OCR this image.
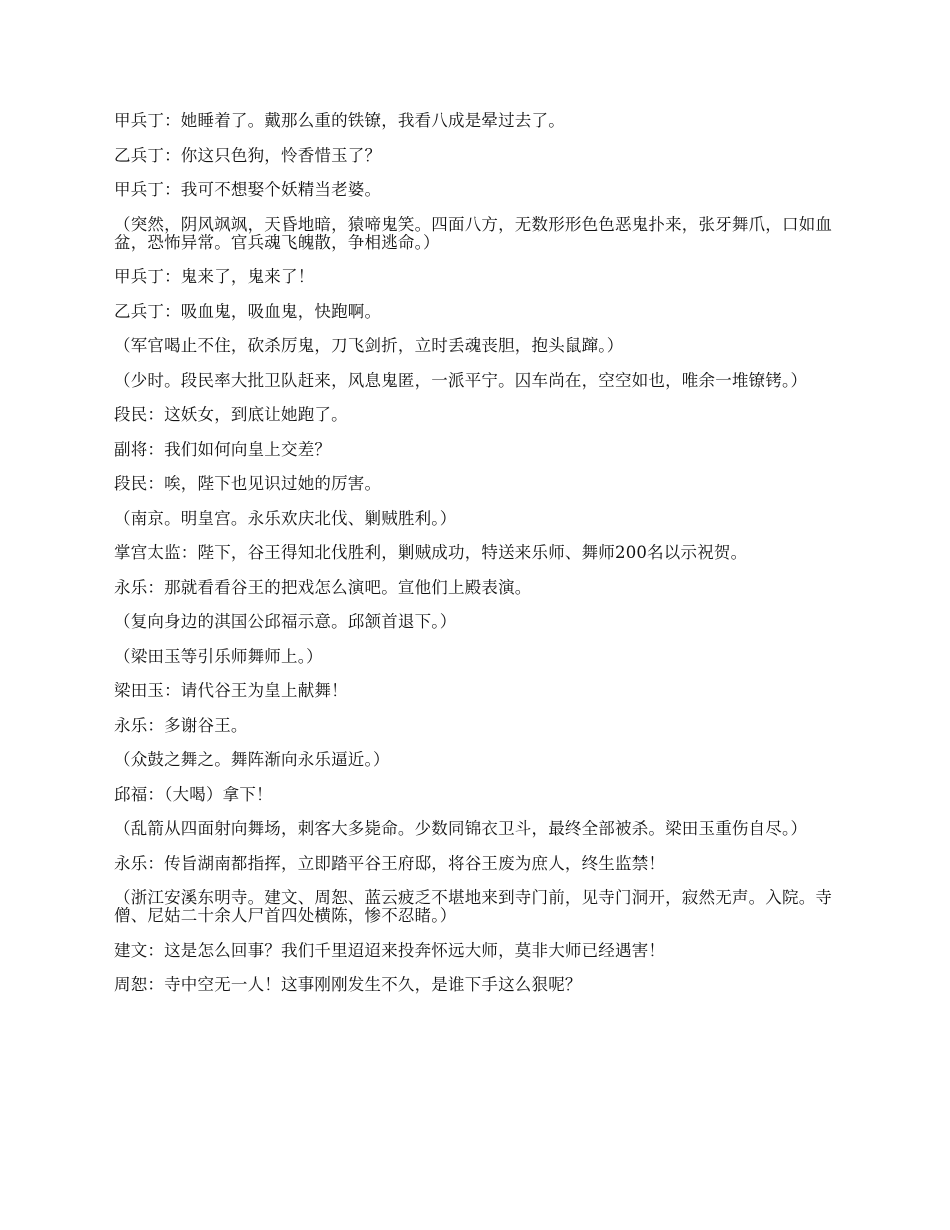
甲兵丁：她睡着了。戴那么重的铁镣，我看八成是晕过去了。

乙兵丁：你这只色狗，怜香惜玉了？

甲兵丁：我可不想娶个妖精当老婆。

（突然，阴风飒飒，天昏地暗，猿啼鬼笑。四面八方，无数形形色色恶鬼扑来，张牙舞爪，口如血盆，恐怖异常。官兵魂飞魄散，争相逃命。）

甲兵丁：鬼来了，鬼来了！

乙兵丁：吸血鬼，吸血鬼，快跑啊。

（军官喝止不住，砍杀厉鬼，刀飞剑折，立时丢魂丧胆，抱头鼠蹿。）

（少时。段民率大批卫队赶来，风息鬼匿，一派平宁。囚车尚在，空空如也，唯余一堆镣铐。）

段民：这妖女，到底让她跑了。

副将：我们如何向皇上交差？

段民：唉，陛下也见识过她的厉害。

（南京。明皇宫。永乐欢庆北伐、剿贼胜利。）

掌宫太监：陛下，谷王得知北伐胜利，剿贼成功，特送来乐师、舞师200名以示祝贺。

永乐：那就看看谷王的把戏怎么演吧。宣他们上殿表演。

（复向身边的淇国公邱福示意。邱颔首退下。）

（梁田玉等引乐师舞师上。）

梁田玉：请代谷王为皇上献舞！

永乐：多谢谷王。

（众鼓之舞之。舞阵渐向永乐逼近。）

邱福：（大喝）拿下！

（乱箭从四面射向舞场，刺客大多毙命。少数同锦衣卫斗，最终全部被杀。梁田玉重伤自尽。）

永乐：传旨湖南都指挥，立即踏平谷王府邸，将谷王废为庶人，终生监禁！

（浙江安溪东明寺。建文、周恕、蓝云疲乏不堪地来到寺门前，见寺门洞开，寂然无声。入院。寺僧、尼姑二十余人尸首四处横陈，惨不忍睹。）

建文：这是怎么回事？我们千里迢迢来投奔怀远大师，莫非大师已经遇害！

周恕：寺中空无一人！这事刚刚发生不久，是谁下手这么狠呢？
